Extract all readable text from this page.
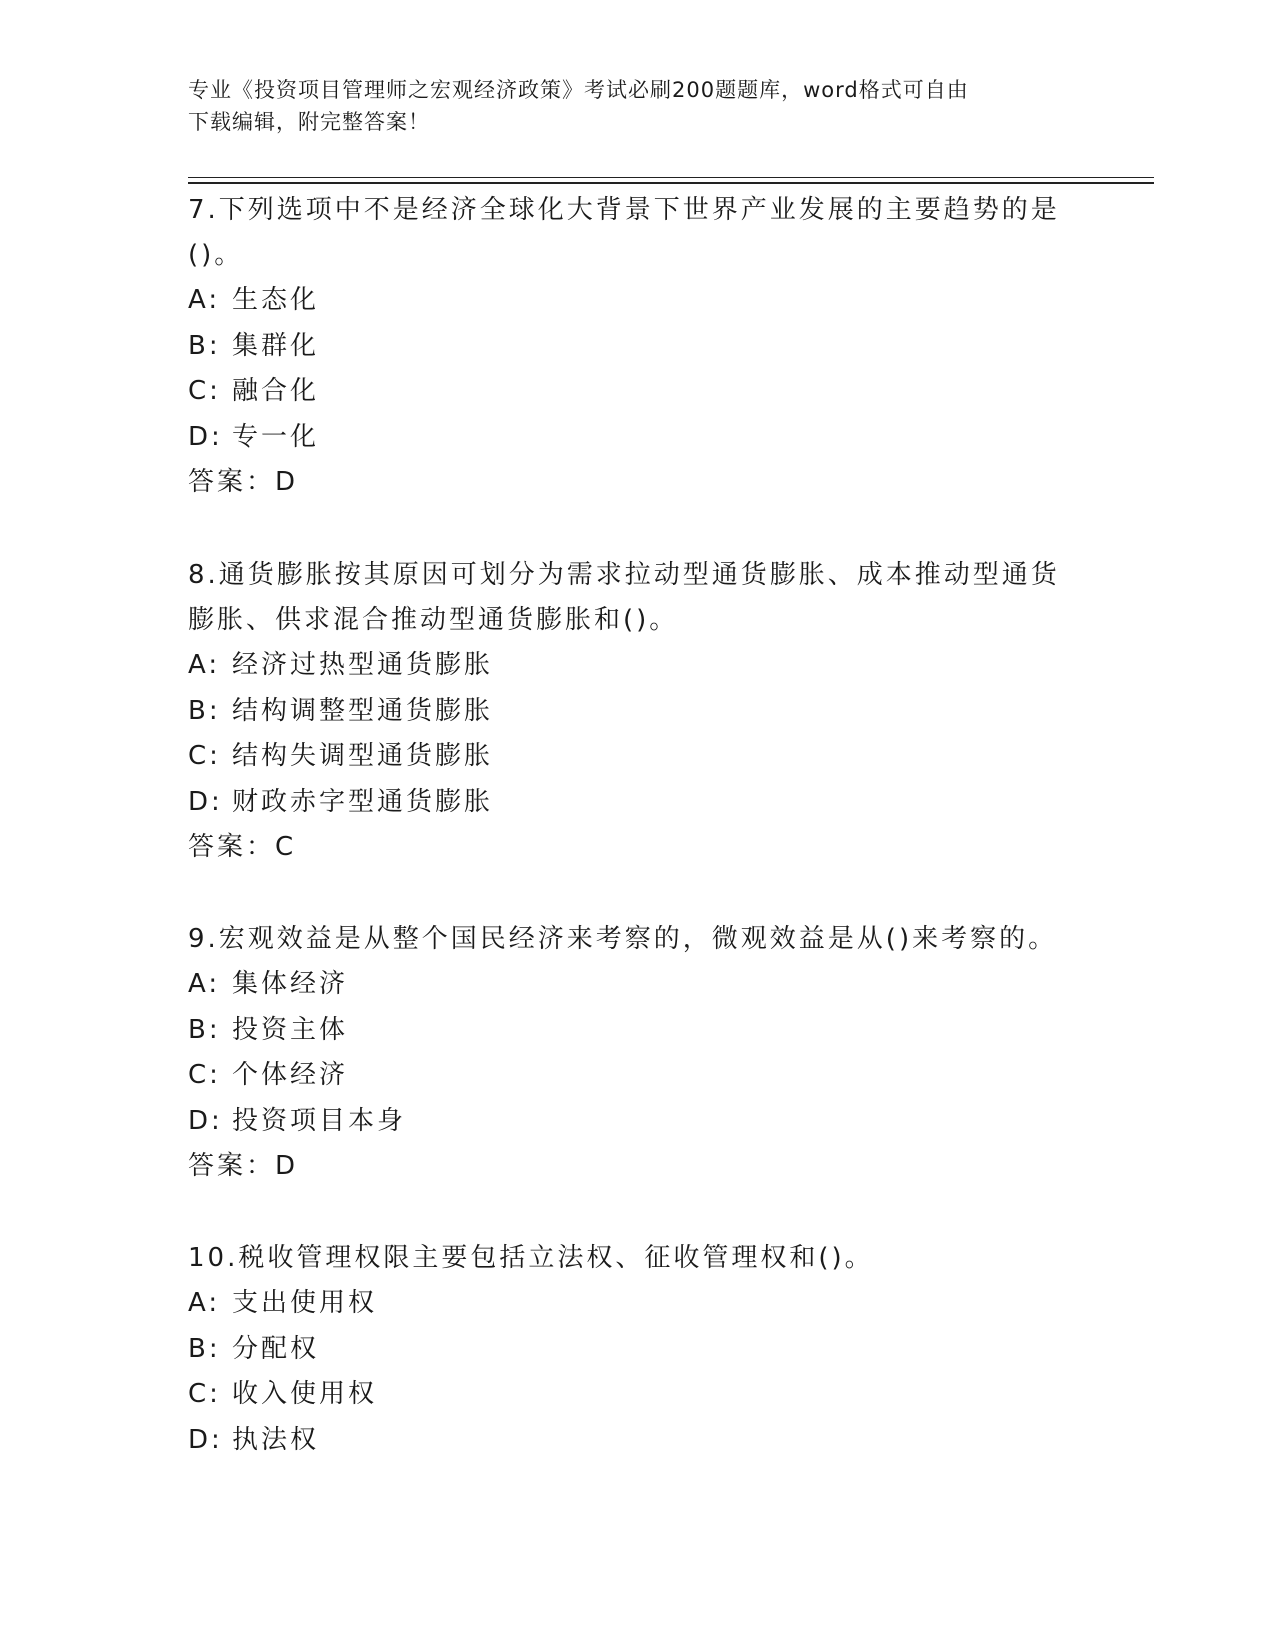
专业《投资项目管理师之宏观经济政策》考试必刷200题题库，word格式可自由
下载编辑，附完整答案！
7.下列选项中不是经济全球化大背景下世界产业发展的主要趋势的是
()。
A: 生态化
B: 集群化
C: 融合化
D: 专一化
答案：D
8.通货膨胀按其原因可划分为需求拉动型通货膨胀、成本推动型通货
膨胀、供求混合推动型通货膨胀和()。
A: 经济过热型通货膨胀
B: 结构调整型通货膨胀
C: 结构失调型通货膨胀
D: 财政赤字型通货膨胀
答案：C
9.宏观效益是从整个国民经济来考察的，微观效益是从()来考察的。
A: 集体经济
B: 投资主体
C: 个体经济
D: 投资项目本身
答案：D
10.税收管理权限主要包括立法权、征收管理权和()。
A: 支出使用权
B: 分配权
C: 收入使用权
D: 执法权
